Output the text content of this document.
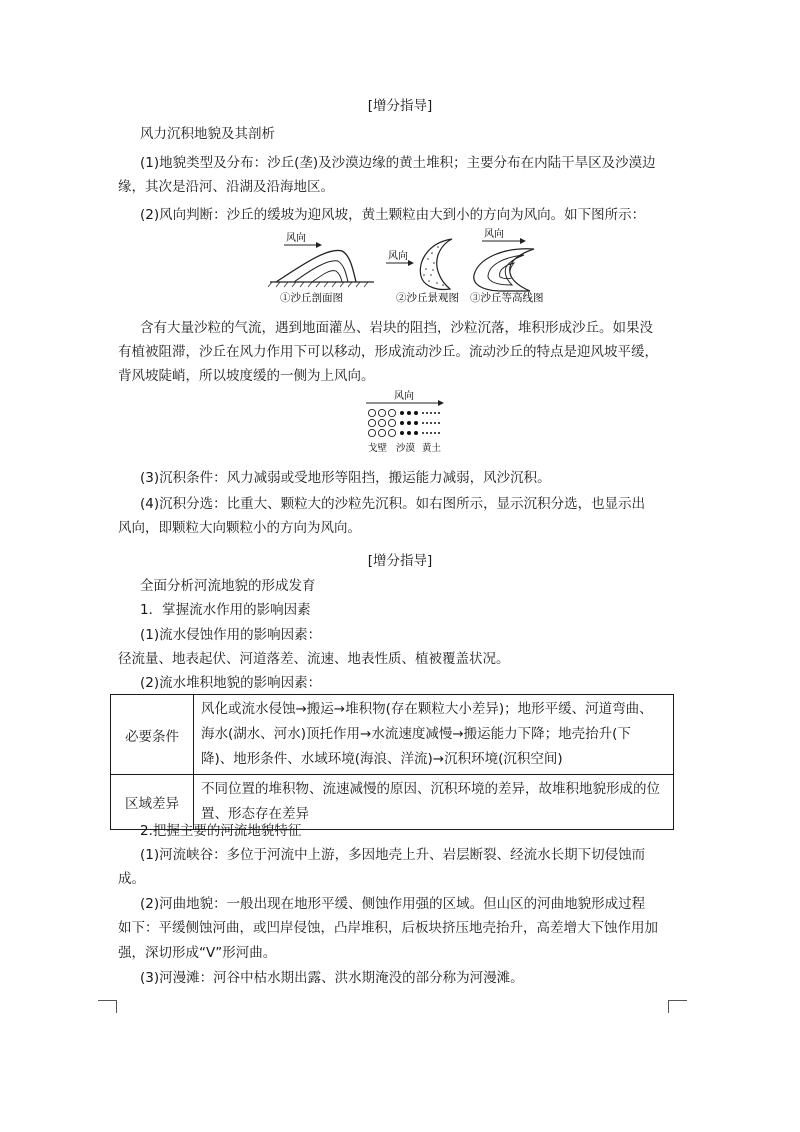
[增分指导]
风力沉积地貌及其剖析
(1)地貌类型及分布：沙丘(垄)及沙漠边缘的黄土堆积；主要分布在内陆干旱区及沙漠边
缘，其次是沿河、沿湖及沿海地区。
(2)风向判断：沙丘的缓坡为迎风坡，黄土颗粒由大到小的方向为风向。如下图所示：
风向
①沙丘剖面图
风向
②沙丘景观图
风向
③沙丘等高线图
含有大量沙粒的气流，遇到地面灌丛、岩块的阻挡，沙粒沉落，堆积形成沙丘。如果没
有植被阻滞，沙丘在风力作用下可以移动，形成流动沙丘。流动沙丘的特点是迎风坡平缓，
背风坡陡峭，所以坡度缓的一侧为上风向。
风向
戈壁 沙漠 黄土
(3)沉积条件：风力减弱或受地形等阻挡，搬运能力减弱，风沙沉积。
(4)沉积分选：比重大、颗粒大的沙粒先沉积。如右图所示，显示沉积分选，也显示出
风向，即颗粒大向颗粒小的方向为风向。
[增分指导]
全面分析河流地貌的形成发育
1．掌握流水作用的影响因素
(1)流水侵蚀作用的影响因素：
径流量、地表起伏、河道落差、流速、地表性质、植被覆盖状况。
(2)流水堆积地貌的影响因素：
必要条件	风化或流水侵蚀→搬运→堆积物(存在颗粒大小差异)；地形平缓、河道弯曲、
海水(湖水、河水)顶托作用→水流速度减慢→搬运能力下降；地壳抬升(下
降)、地形条件、水域环境(海浪、洋流)→沉积环境(沉积空间)

区域差异	不同位置的堆积物、流速减慢的原因、沉积环境的差异，故堆积地貌形成的位
置、形态存在差异
2.把握主要的河流地貌特征
(1)河流峡谷：多位于河流中上游，多因地壳上升、岩层断裂、经流水长期下切侵蚀而
成。
(2)河曲地貌：一般出现在地形平缓、侧蚀作用强的区域。但山区的河曲地貌形成过程
如下：平缓侧蚀河曲，或凹岸侵蚀，凸岸堆积，后板块挤压地壳抬升，高差增大下蚀作用加
强，深切形成“V”形河曲。
(3)河漫滩：河谷中枯水期出露、洪水期淹没的部分称为河漫滩。
